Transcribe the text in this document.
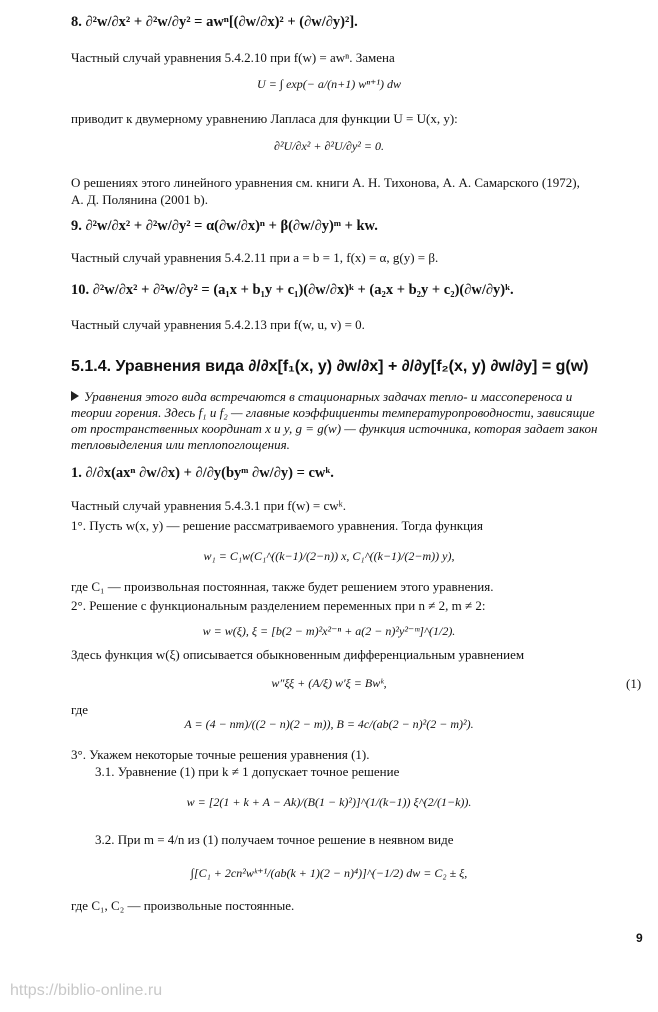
8. ∂²w/∂x² + ∂²w/∂y² = awⁿ[(∂w/∂x)² + (∂w/∂y)²].
Частный случай уравнения 5.4.2.10 при f(w) = awⁿ. Замена
U = ∫ exp(− a/(n+1) wⁿ⁺¹) dw
приводит к двумерному уравнению Лапласа для функции U = U(x, y):
∂²U/∂x² + ∂²U/∂y² = 0.
О решениях этого линейного уравнения см. книги А. Н. Тихонова, А. А. Самарского (1972),
А. Д. Полянина (2001 b).
9. ∂²w/∂x² + ∂²w/∂y² = α(∂w/∂x)ⁿ + β(∂w/∂y)ᵐ + kw.
Частный случай уравнения 5.4.2.11 при a = b = 1, f(x) = α, g(y) = β.
10. ∂²w/∂x² + ∂²w/∂y² = (a₁x + b₁y + c₁)(∂w/∂x)ᵏ + (a₂x + b₂y + c₂)(∂w/∂y)ᵏ.
Частный случай уравнения 5.4.2.13 при f(w, u, v) = 0.
5.1.4. Уравнения вида ∂/∂x[f₁(x, y) ∂w/∂x] + ∂/∂y[f₂(x, y) ∂w/∂y] = g(w)
Уравнения этого вида встречаются в стационарных задачах тепло- и массопереноса и
теории горения. Здесь f₁ и f₂ — главные коэффициенты температуропроводности, зависящие
от пространственных координат x и y, g = g(w) — функция источника, которая задает закон
тепловыделения или теплопоглощения.
1. ∂/∂x(axⁿ ∂w/∂x) + ∂/∂y(byᵐ ∂w/∂y) = cwᵏ.
Частный случай уравнения 5.4.3.1 при f(w) = cwᵏ.
1°. Пусть w(x, y) — решение рассматриваемого уравнения. Тогда функция
w₁ = C₁w(C₁^((k−1)/(2−n)) x, C₁^((k−1)/(2−m)) y),
где C₁ — произвольная постоянная, также будет решением этого уравнения.
2°. Решение с функциональным разделением переменных при n ≠ 2, m ≠ 2:
w = w(ξ), ξ = [b(2 − m)²x²⁻ⁿ + a(2 − n)²y²⁻ᵐ]^(1/2).
Здесь функция w(ξ) описывается обыкновенным дифференциальным уравнением
w″ξξ + (A/ξ) w′ξ = Bwᵏ,	(1)
где
A = (4 − nm)/((2 − n)(2 − m)), B = 4c/(ab(2 − n)²(2 − m)²).
3°. Укажем некоторые точные решения уравнения (1).
3.1. Уравнение (1) при k ≠ 1 допускает точное решение
w = [2(1 + k + A − Ak)/(B(1 − k)²)]^(1/(k−1)) ξ^(2/(1−k)).
3.2. При m = 4/n из (1) получаем точное решение в неявном виде
∫[C₁ + 2cn²wᵏ⁺¹/(ab(k + 1)(2 − n)⁴)]^(−1/2) dw = C₂ ± ξ,
где C₁, C₂ — произвольные постоянные.
9
https://biblio-online.ru
